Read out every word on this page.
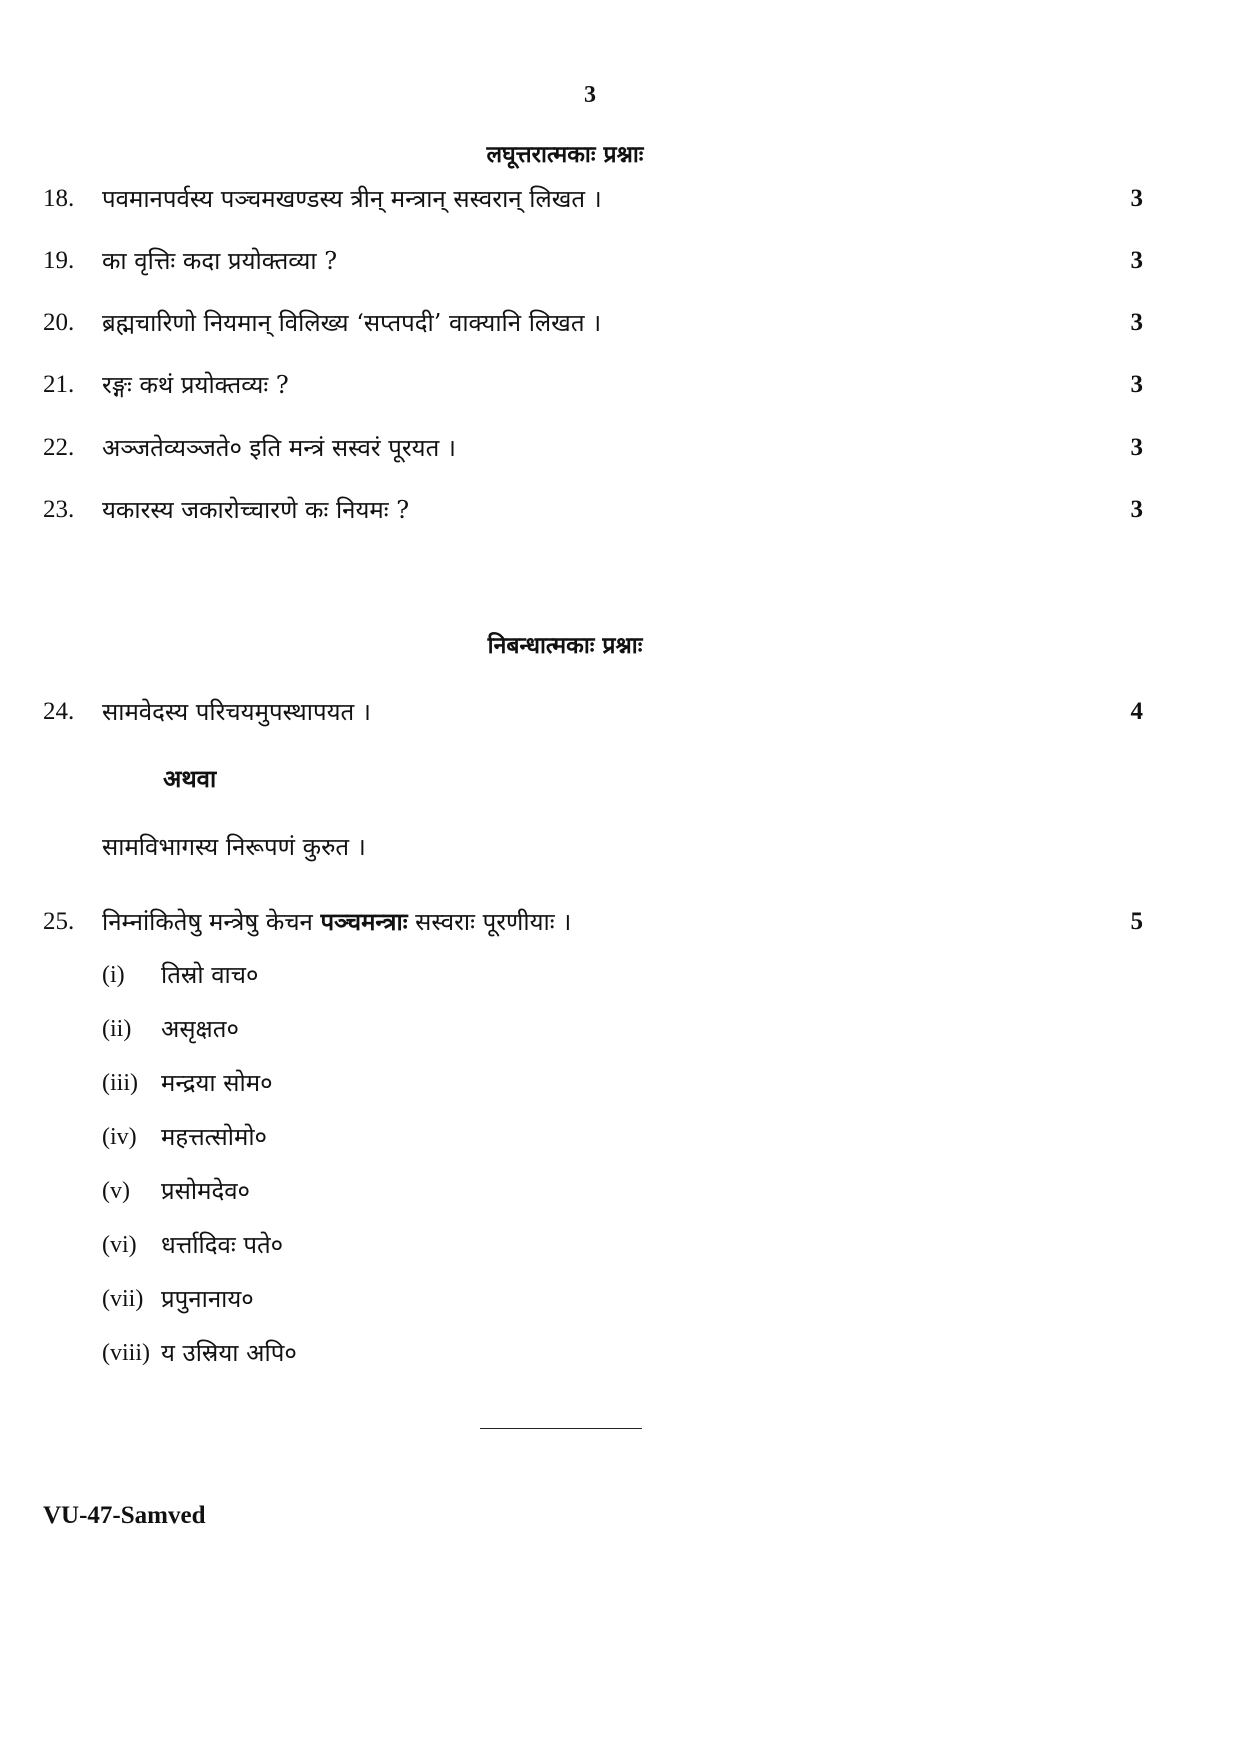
3
लघूत्तरात्मकाः प्रश्नाः
18. पवमानपर्वस्य पञ्चमखण्डस्य त्रीन् मन्त्रान् सस्वरान् लिखत ।	3
19. का वृत्तिः कदा प्रयोक्तव्या ?	3
20. ब्रह्मचारिणो नियमान् विलिख्य ‘सप्तपदी’ वाक्यानि लिखत ।	3
21. रङ्गः कथं प्रयोक्तव्यः ?	3
22. अञ्जतेव्यञ्जते० इति मन्त्रं सस्वरं पूरयत ।	3
23. यकारस्य जकारोच्चारणे कः नियमः ?	3
निबन्धात्मकाः प्रश्नाः
24. सामवेदस्य परिचयमुपस्थापयत ।	4
अथवा
सामविभागस्य निरूपणं कुरुत ।
25. निम्नांकितेषु मन्त्रेषु केचन पञ्चमन्त्राः सस्वराः पूरणीयाः ।	5
(i) तिस्रो वाच०
(ii) असृक्षत०
(iii) मन्द्रया सोम०
(iv) महत्तत्सोमो०
(v) प्रसोमदेव०
(vi) धर्त्तादिवः पते०
(vii) प्रपुनानाय०
(viii) य उस्रिया अपि०
VU-47-Samved
